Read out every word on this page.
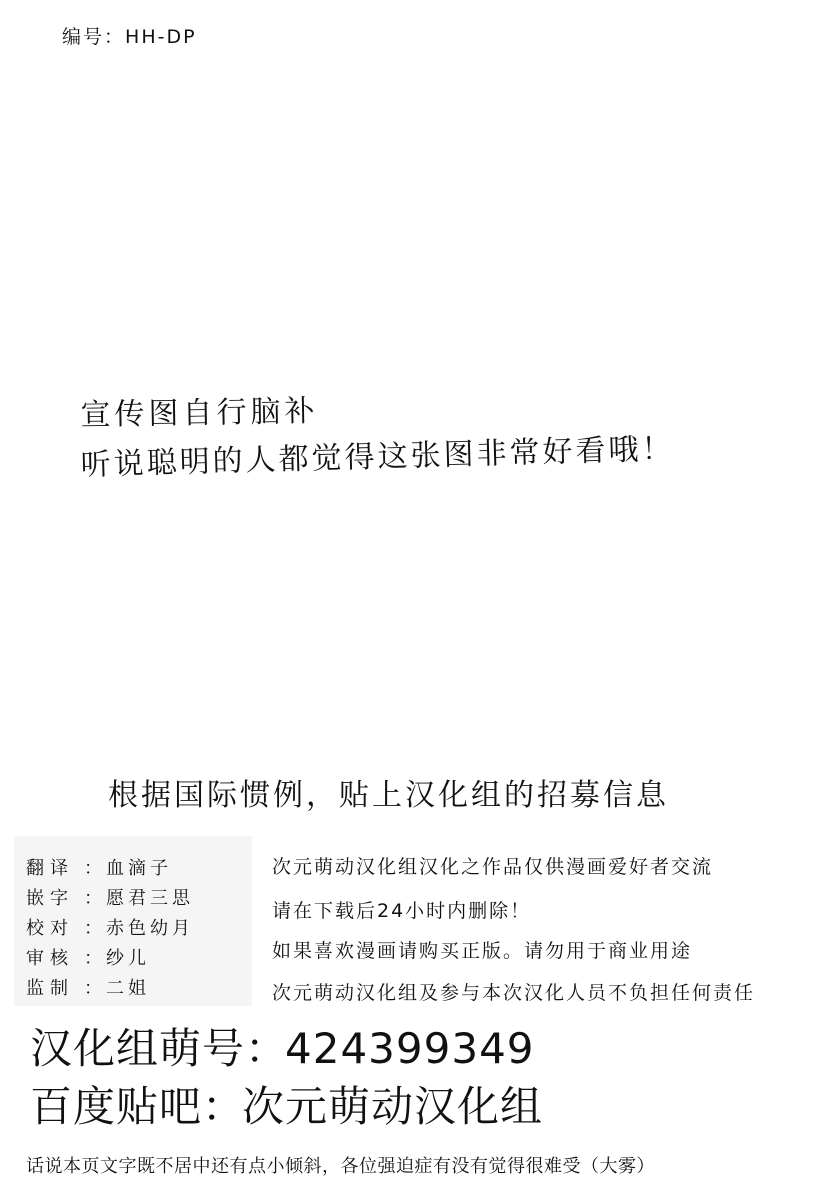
编号：HH-DP
宣传图自行脑补
听说聪明的人都觉得这张图非常好看哦！
根据国际惯例，贴上汉化组的招募信息
翻译 ：血滴子
嵌字 ：愿君三思
校对 ：赤色幼月
审核 ：纱儿
监制 ：二姐
次元萌动汉化组汉化之作品仅供漫画爱好者交流
请在下载后24小时内删除！
如果喜欢漫画请购买正版。请勿用于商业用途
次元萌动汉化组及参与本次汉化人员不负担任何责任
汉化组萌号：424399349
百度贴吧：次元萌动汉化组
话说本页文字既不居中还有点小倾斜，各位强迫症有没有觉得很难受（大雾）
